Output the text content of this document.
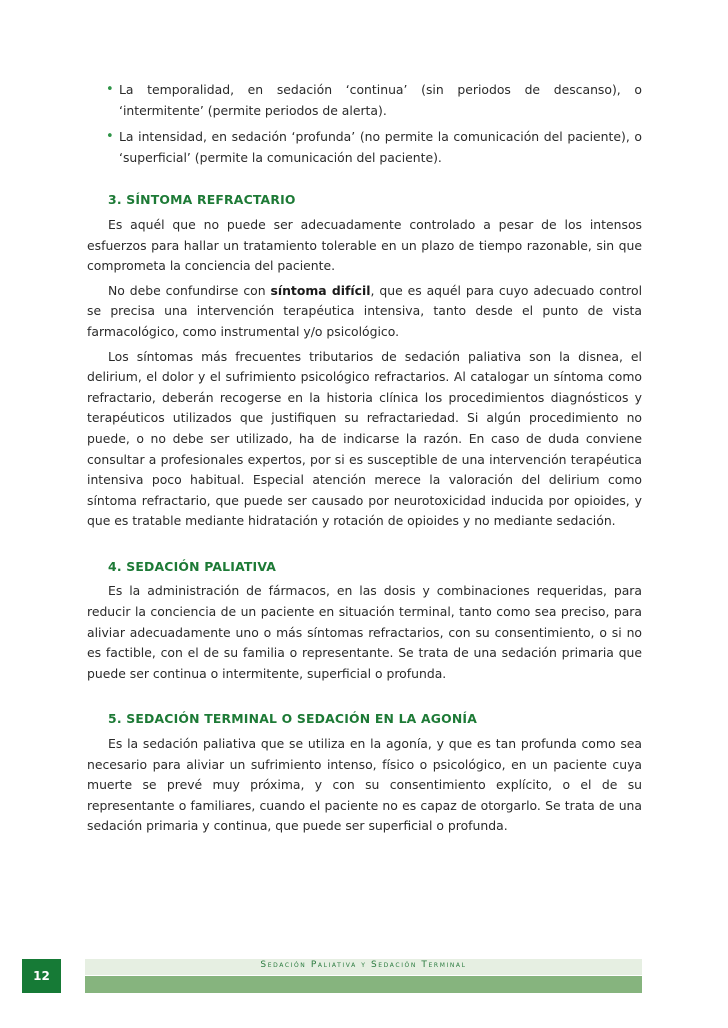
• La temporalidad, en sedación ‘continua’ (sin periodos de descanso), o ‘intermitente’ (permite periodos de alerta).

• La intensidad, en sedación ‘profunda’ (no permite la comunicación del paciente), o ‘superficial’ (permite la comunicación del paciente).

3. SÍNTOMA REFRACTARIO

Es aquél que no puede ser adecuadamente controlado a pesar de los intensos esfuerzos para hallar un tratamiento tolerable en un plazo de tiempo razonable, sin que comprometa la conciencia del paciente.

No debe confundirse con síntoma difícil, que es aquél para cuyo adecuado control se precisa una intervención terapéutica intensiva, tanto desde el punto de vista farmacológico, como instrumental y/o psicológico.

Los síntomas más frecuentes tributarios de sedación paliativa son la disnea, el delirium, el dolor y el sufrimiento psicológico refractarios. Al catalogar un síntoma como refractario, deberán recogerse en la historia clínica los procedimientos diagnósticos y terapéuticos utilizados que justifiquen su refractariedad. Si algún procedimiento no puede, o no debe ser utilizado, ha de indicarse la razón. En caso de duda conviene consultar a profesionales expertos, por si es susceptible de una intervención terapéutica intensiva poco habitual. Especial atención merece la valoración del delirium como síntoma refractario, que puede ser causado por neurotoxicidad inducida por opioides, y que es tratable mediante hidratación y rotación de opioides y no mediante sedación.

4. SEDACIÓN PALIATIVA

Es la administración de fármacos, en las dosis y combinaciones requeridas, para reducir la conciencia de un paciente en situación terminal, tanto como sea preciso, para aliviar adecuadamente uno o más síntomas refractarios, con su consentimiento, o si no es factible, con el de su familia o representante. Se trata de una sedación primaria que puede ser continua o intermitente, superficial o profunda.

5. SEDACIÓN TERMINAL O SEDACIÓN EN LA AGONÍA

Es la sedación paliativa que se utiliza en la agonía, y que es tan profunda como sea necesario para aliviar un sufrimiento intenso, físico o psicológico, en un paciente cuya muerte se prevé muy próxima, y con su consentimiento explícito, o el de su representante o familiares, cuando el paciente no es capaz de otorgarlo. Se trata de una sedación primaria y continua, que puede ser superficial o profunda.

12
Sedación Paliativa y Sedación Terminal
